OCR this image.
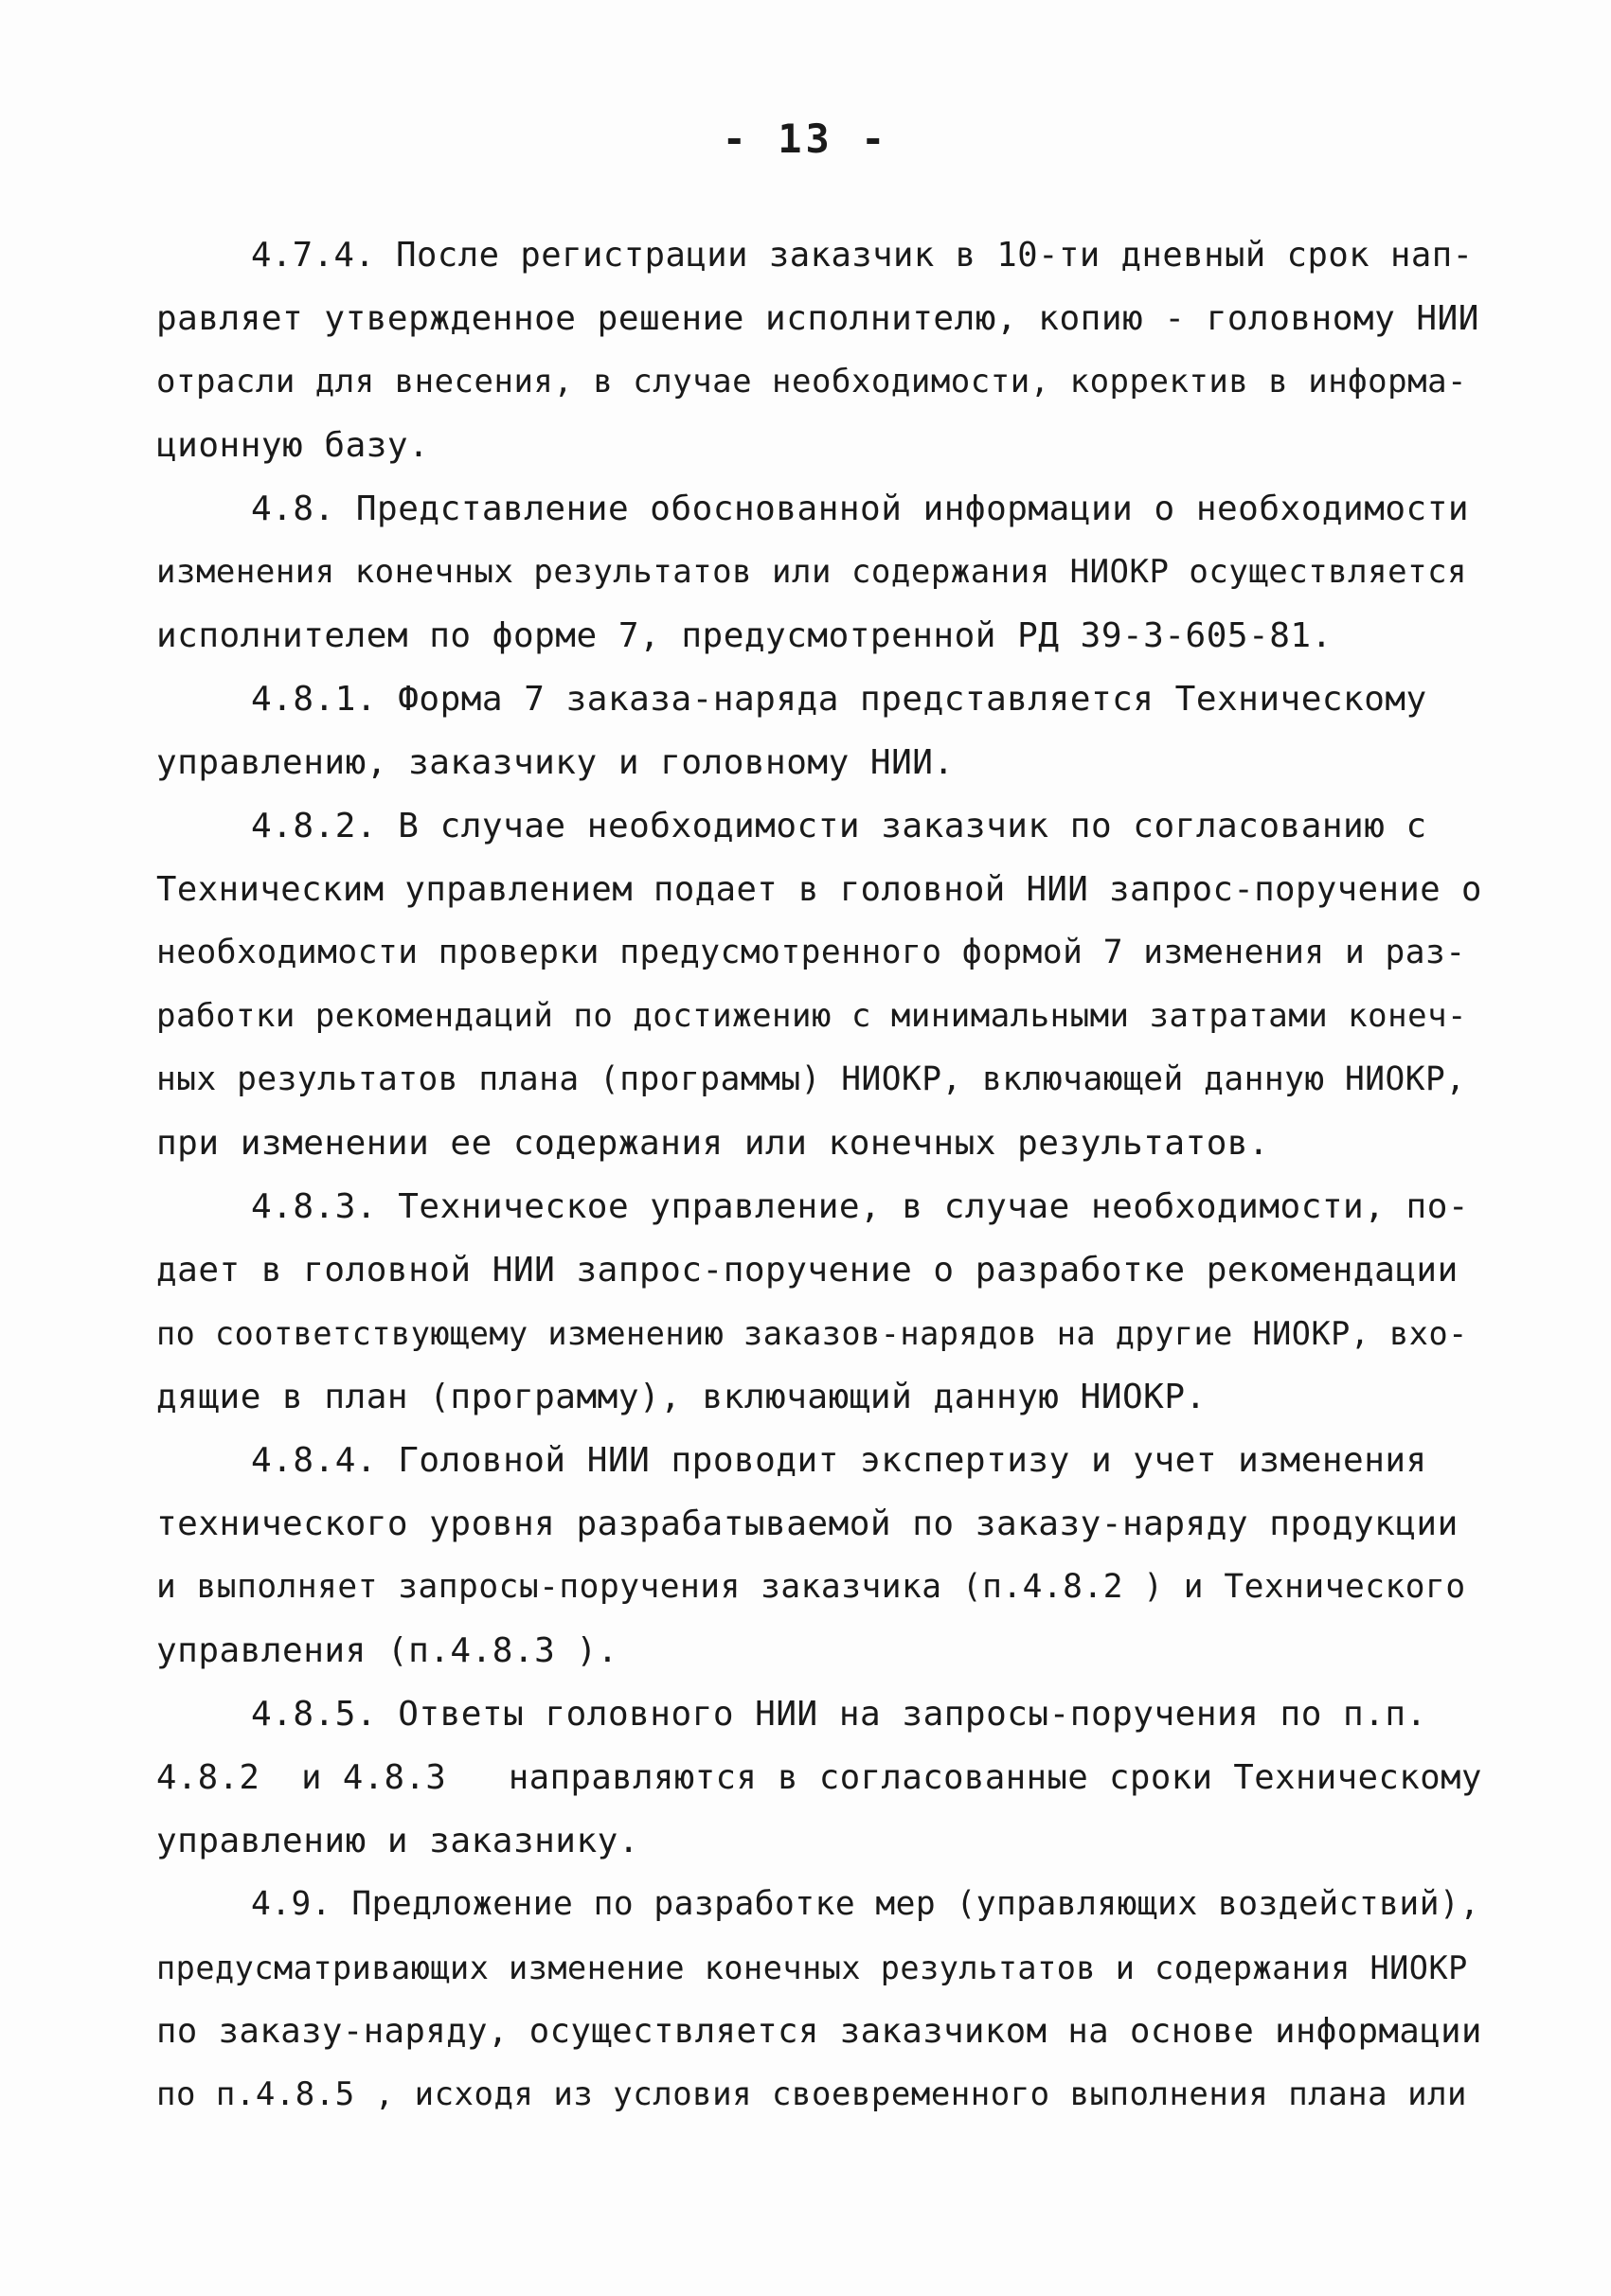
- 13 -
4.7.4. После регистрации заказчик в 10-ти дневный срок нап-
равляет утвержденное решение исполнителю, копию - головному НИИ
отрасли для внесения, в случае необходимости, корректив в информа-
ционную базу.
4.8. Представление обоснованной информации о необходимости
изменения конечных результатов или содержания НИОКР осуществляется
исполнителем по форме 7, предусмотренной РД 39-3-605-81.
4.8.1. Форма 7 заказа-наряда представляется Техническому
управлению, заказчику и головному НИИ.
4.8.2. В случае необходимости заказчик по согласованию с
Техническим управлением подает в головной НИИ запрос-поручение о
необходимости проверки предусмотренного формой 7 изменения и раз-
работки рекомендаций по достижению с минимальными затратами конеч-
ных результатов плана (программы) НИОКР, включающей данную НИОКР,
при изменении ее содержания или конечных результатов.
4.8.3. Техническое управление, в случае необходимости, по-
дает в головной НИИ запрос-поручение о разработке рекомендации
по соответствующему изменению заказов-нарядов на другие НИОКР, вхо-
дящие в план (программу), включающий данную НИОКР.
4.8.4. Головной НИИ проводит экспертизу и учет изменения
технического уровня разрабатываемой по заказу-наряду продукции
и выполняет запросы-поручения заказчика (п.4.8.2 ) и Технического
управления (п.4.8.3 ).
4.8.5. Ответы головного НИИ на запросы-поручения по п.п.
4.8.2  и 4.8.3   направляются в согласованные сроки Техническому
управлению и заказнику.
4.9. Предложение по разработке мер (управляющих воздействий),
предусматривающих изменение конечных результатов и содержания НИОКР
по заказу-наряду, осуществляется заказчиком на основе информации
по п.4.8.5 , исходя из условия своевременного выполнения плана или
